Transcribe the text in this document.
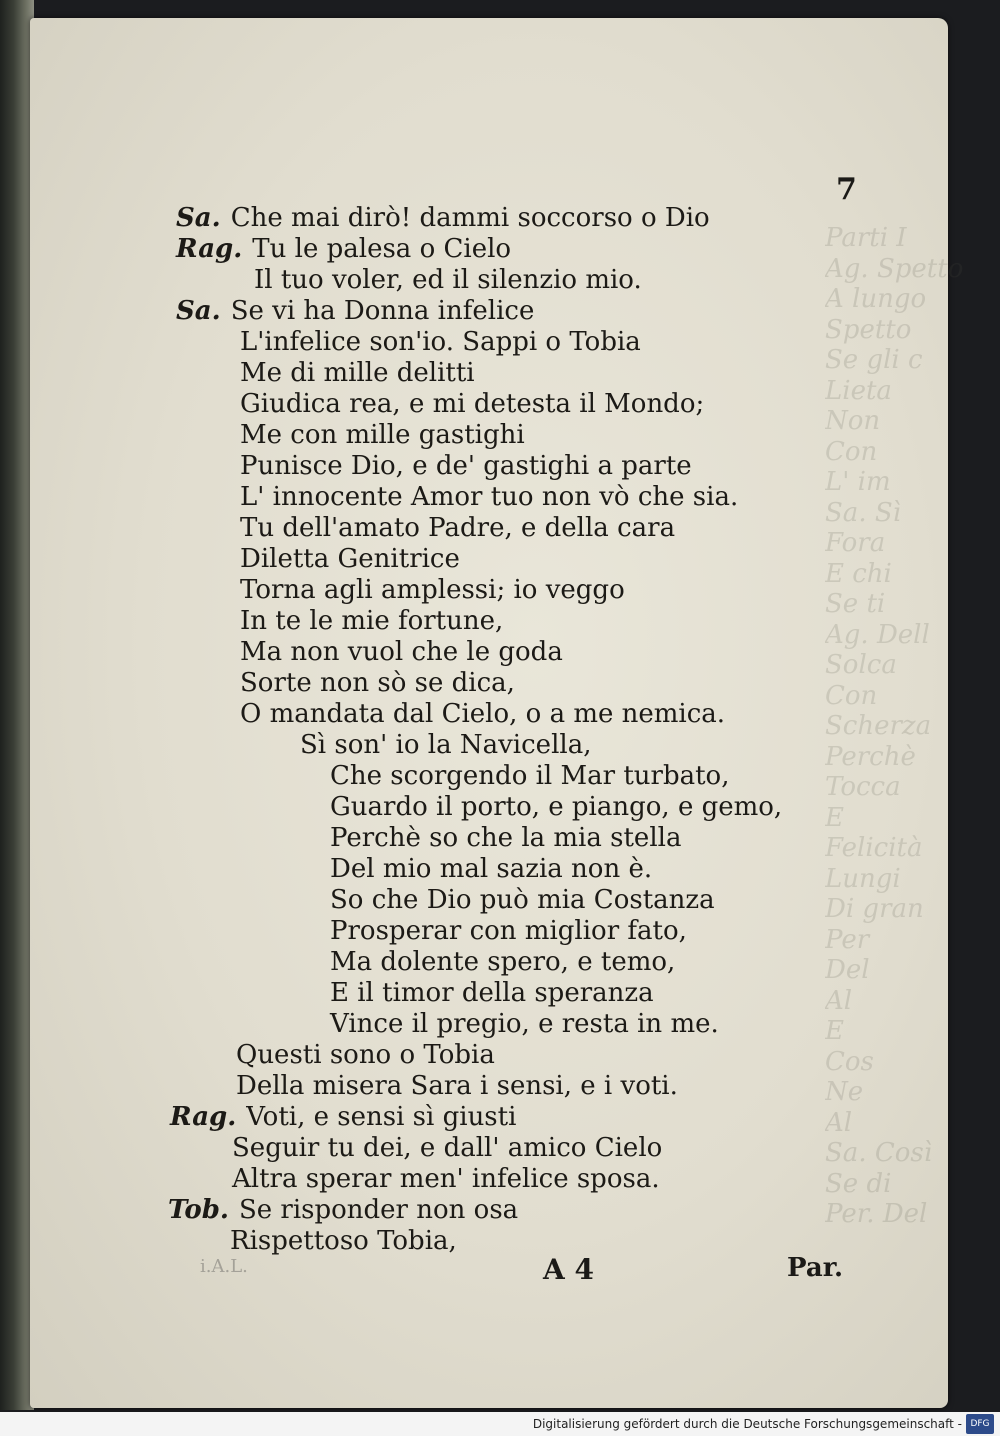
Parti I
Ag. Spetto
A lungo
Spetto
Se gli c
Lieta
Non
Con
L' im
Sa. Sì
Fora
E chi
Se ti
Ag. Dell
Solca
Con
Scherza
Perchè
Tocca
E
Felicità
Lungi
Di gran
Per
Del
Al
E
Cos
Ne
Al
Sa. Così
Se di
Per. Del
7
Sa. Che mai dirò! dammi soccorso o Dio
Rag. Tu le palesa o Cielo
Il tuo voler, ed il silenzio mio.
Sa. Se vi ha Donna infelice
L'infelice son'io. Sappi o Tobia
Me di mille delitti
Giudica rea, e mi detesta il Mondo;
Me con mille gastighi
Punisce Dio, e de' gastighi a parte
L' innocente Amor tuo non vò che sia.
Tu dell'amato Padre, e della cara
Diletta Genitrice
Torna agli amplessi; io veggo
In te le mie fortune,
Ma non vuol che le goda
Sorte non sò se dica,
O mandata dal Cielo, o a me nemica.
Sì son' io la Navicella,
Che scorgendo il Mar turbato,
Guardo il porto, e piango, e gemo,
Perchè so che la mia stella
Del mio mal sazia non è.
So che Dio può mia Costanza
Prosperar con miglior fato,
Ma dolente spero, e temo,
E il timor della speranza
Vince il pregio, e resta in me.
Questi sono o Tobia
Della misera Sara i sensi, e i voti.
Rag. Voti, e sensi sì giusti
Seguir tu dei, e dall' amico Cielo
Altra sperar men' infelice sposa.
Tob. Se risponder non osa
Rispettoso Tobia,
i.A.L.	A 4	Par.
Digitalisierung gefördert durch die Deutsche Forschungsgemeinschaft - DFG
